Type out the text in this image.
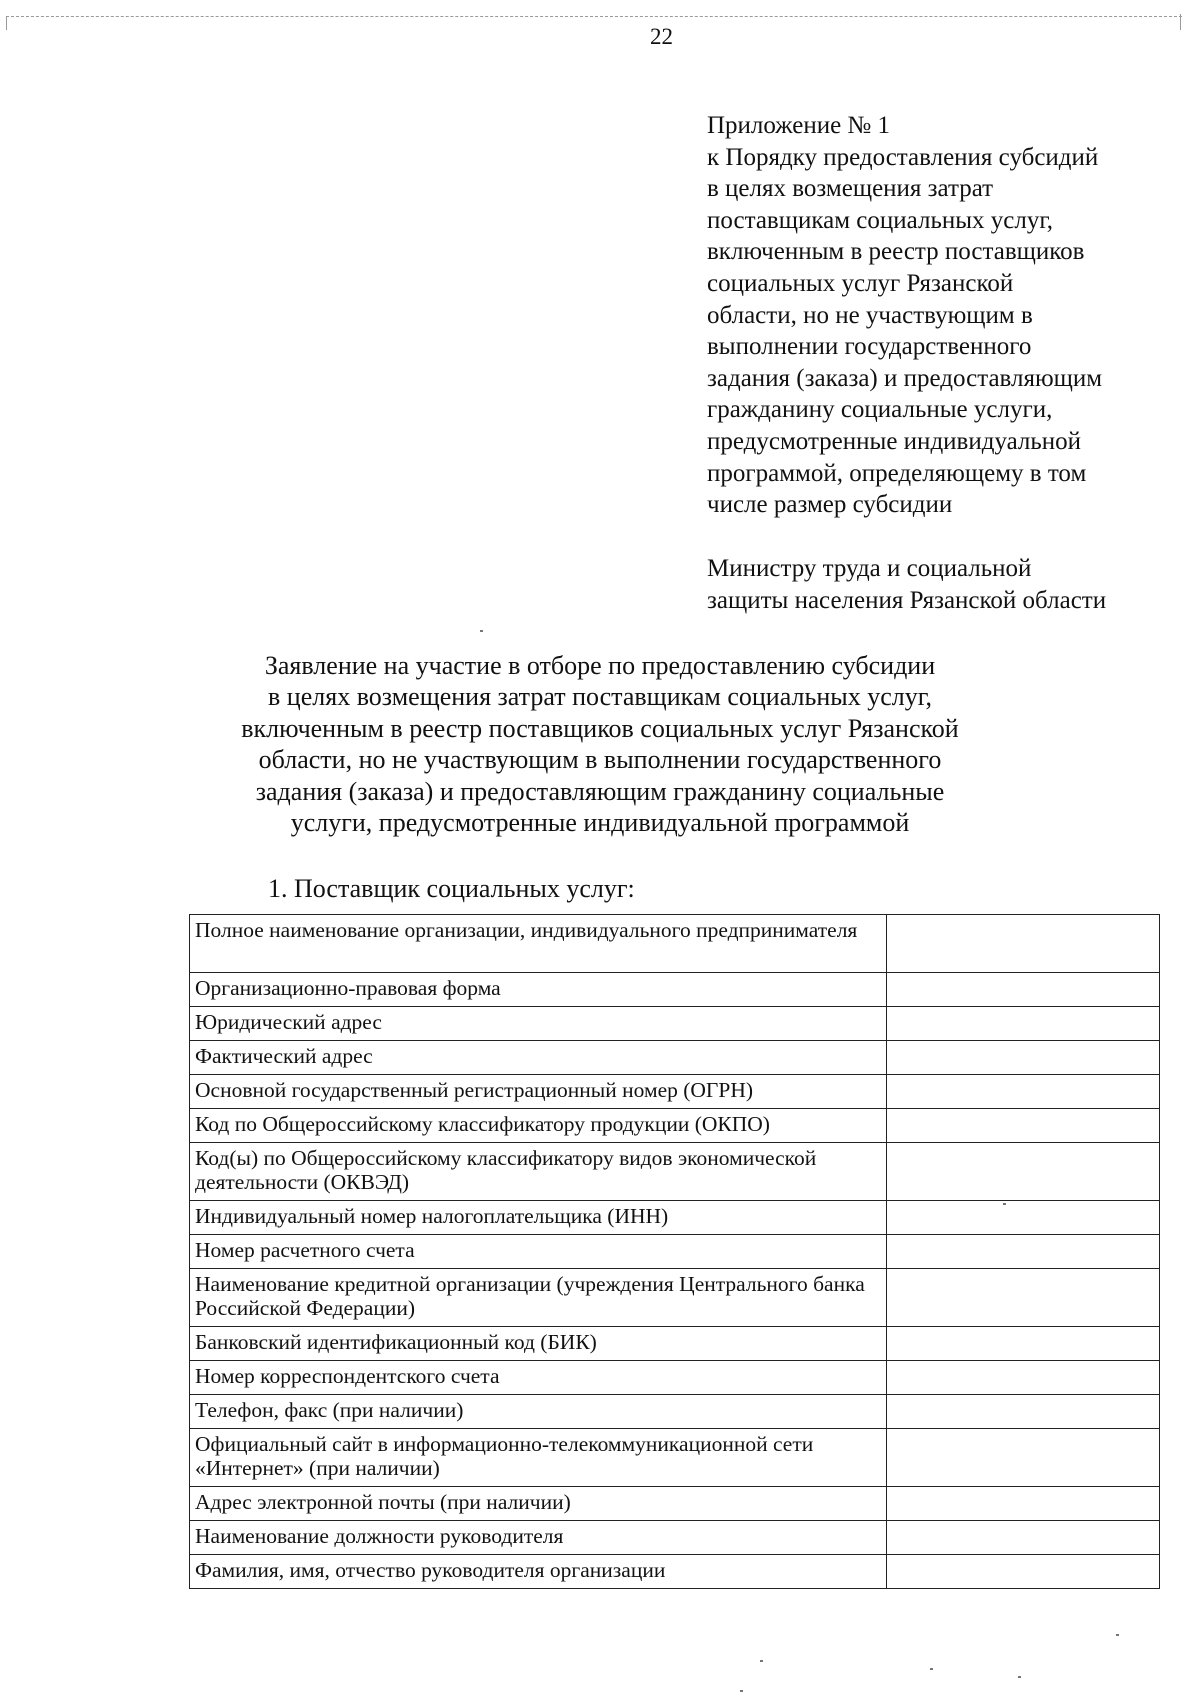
22
Приложение № 1
к Порядку предоставления субсидий
в целях возмещения затрат
поставщикам социальных услуг,
включенным в реестр поставщиков
социальных услуг Рязанской
области, но не участвующим в
выполнении государственного
задания (заказа) и предоставляющим
гражданину социальные услуги,
предусмотренные индивидуальной
программой, определяющему в том
числе размер субсидии
Министру труда и социальной
защиты населения Рязанской области
Заявление на участие в отборе по предоставлению субсидии
в целях возмещения затрат поставщикам социальных услуг,
включенным в реестр поставщиков социальных услуг Рязанской
области, но не участвующим в выполнении государственного
задания (заказа) и предоставляющим гражданину социальные
услуги, предусмотренные индивидуальной программой
1. Поставщик социальных услуг:
Полное наименование организации, индивидуального предпринимателя	
Организационно-правовая форма	
Юридический адрес	
Фактический адрес	
Основной государственный регистрационный номер (ОГРН)	
Код по Общероссийскому классификатору продукции (ОКПО)	
Код(ы) по Общероссийскому классификатору видов экономической деятельности (ОКВЭД)	
Индивидуальный номер налогоплательщика (ИНН)	
Номер расчетного счета	
Наименование кредитной организации (учреждения Центрального банка Российской Федерации)	
Банковский идентификационный код (БИК)	
Номер корреспондентского счета	
Телефон, факс (при наличии)	
Официальный сайт в информационно-телекоммуникационной сети «Интернет» (при наличии)	
Адрес электронной почты (при наличии)	
Наименование должности руководителя	
Фамилия, имя, отчество руководителя организации	
